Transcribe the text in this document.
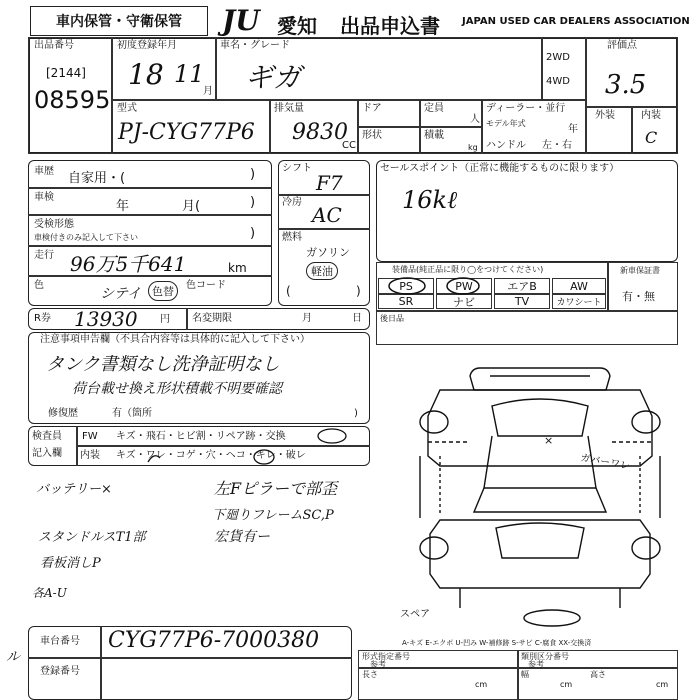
車内保管・守衛保管	JU 愛知 出品申込書 JAPAN USED CAR DEALERS ASSOCIATION
出品番号
[2144]
08595
初度登録年月
18 11
月
車名・グレード
ギガ
2WD
4WD
評価点
3.5
外装	内装
C
型式
PJ-CYG77P6
排気量
9830
CC
ドア	定員
人
形状	積載
kg
ディーラー・並行
モデル年式
年
ハンドル 左・右
車歴 自家用・(	)
車検
年	月(	)
受検形態
車検付きのみ記入して下さい	)
走行 96万5千641	km
色
シテイ 色替	色コード
シフト
F7
冷房
AC
燃料
ガソリン
軽油
(	)
セールスポイント（正常に機能するものに限ります）
16kℓ
装備品(純正品に限り◯をつけてください)
PS	PW	エアB	AW
SR	ナビ	TV	カワシート
新車保証書
有・無
R券 13930 円 名変期限	月	日 後日品
注意事項申告欄（不具合内容等は具体的に記入して下さい）
タンク書類なし洗浄証明なし
荷台載せ換え形状積載不明要確認
修復歴	有（箇所	)
検査員
記入欄
FW キズ・飛石・ヒビ割・リペア跡・交換
内装 キズ・ワレ・コゲ・穴・ヘコ・キレ・破レ
バッテリー×	左Fピラーで部歪
下廻りフレームSC,P
スタンドルスT1部	宏貨有ー
看板消しP
各A-U
×
ガバーワレ
スペア
A-キズ E-エクボ U-凹み W-補修跡 S-サビ C-腐食 XX-交換済
ル
車台番号 CYG77P6-7000380
登録番号
形式指定番号	類別区分番号
参考	参考
長さ
cm
幅
cm
高さ
cm
